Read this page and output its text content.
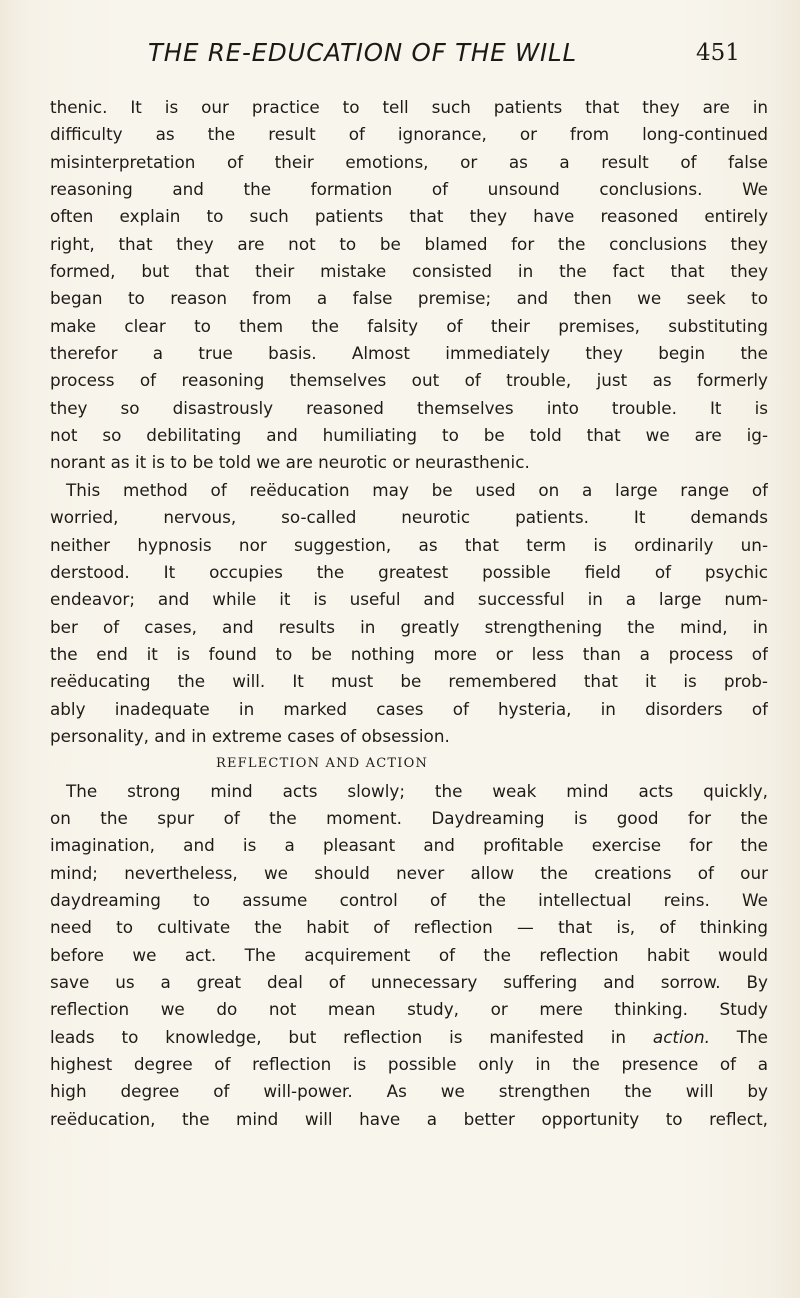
THE RE-EDUCATION OF THE WILL	451
thenic. It is our practice to tell such patients that they are in
difficulty as the result of ignorance, or from long-continued
misinterpretation of their emotions, or as a result of false
reasoning and the formation of unsound conclusions. We
often explain to such patients that they have reasoned entirely
right, that they are not to be blamed for the conclusions they
formed, but that their mistake consisted in the fact that they
began to reason from a false premise; and then we seek to
make clear to them the falsity of their premises, substituting
therefor a true basis. Almost immediately they begin the
process of reasoning themselves out of trouble, just as formerly
they so disastrously reasoned themselves into trouble. It is
not so debilitating and humiliating to be told that we are ig-
norant as it is to be told we are neurotic or neurasthenic.
This method of reëducation may be used on a large range of
worried, nervous, so-called neurotic patients. It demands
neither hypnosis nor suggestion, as that term is ordinarily un-
derstood. It occupies the greatest possible field of psychic
endeavor; and while it is useful and successful in a large num-
ber of cases, and results in greatly strengthening the mind, in
the end it is found to be nothing more or less than a process of
reëducating the will. It must be remembered that it is prob-
ably inadequate in marked cases of hysteria, in disorders of
personality, and in extreme cases of obsession.
REFLECTION AND ACTION
The strong mind acts slowly; the weak mind acts quickly,
on the spur of the moment. Daydreaming is good for the
imagination, and is a pleasant and profitable exercise for the
mind; nevertheless, we should never allow the creations of our
daydreaming to assume control of the intellectual reins. We
need to cultivate the habit of reflection — that is, of thinking
before we act. The acquirement of the reflection habit would
save us a great deal of unnecessary suffering and sorrow. By
reflection we do not mean study, or mere thinking. Study
leads to knowledge, but reflection is manifested in action. The
highest degree of reflection is possible only in the presence of a
high degree of will-power. As we strengthen the will by
reëducation, the mind will have a better opportunity to reflect,
